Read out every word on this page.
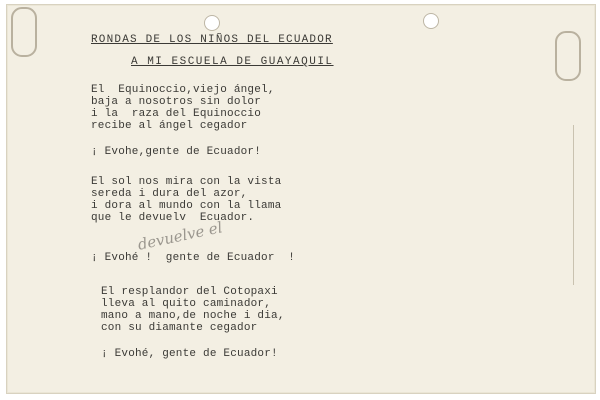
RONDAS DE LOS NIÑOS DEL ECUADOR
A MI ESCUELA DE GUAYAQUIL
El  Equinoccio,viejo ángel,
baja a nosotros sin dolor
i la  raza del Equinoccio
recibe al ángel cegador
¡ Evohe,gente de Ecuador!
El sol nos mira con la vista
sereda i dura del azor,
i dora al mundo con la llama
que le devuelv  Ecuador.
devuelve el
¡ Evohé !  gente de Ecuador  !
El resplandor del Cotopaxi
lleva al quito caminador,
mano a mano,de noche i dia,
con su diamante cegador
¡ Evohé, gente de Ecuador!
